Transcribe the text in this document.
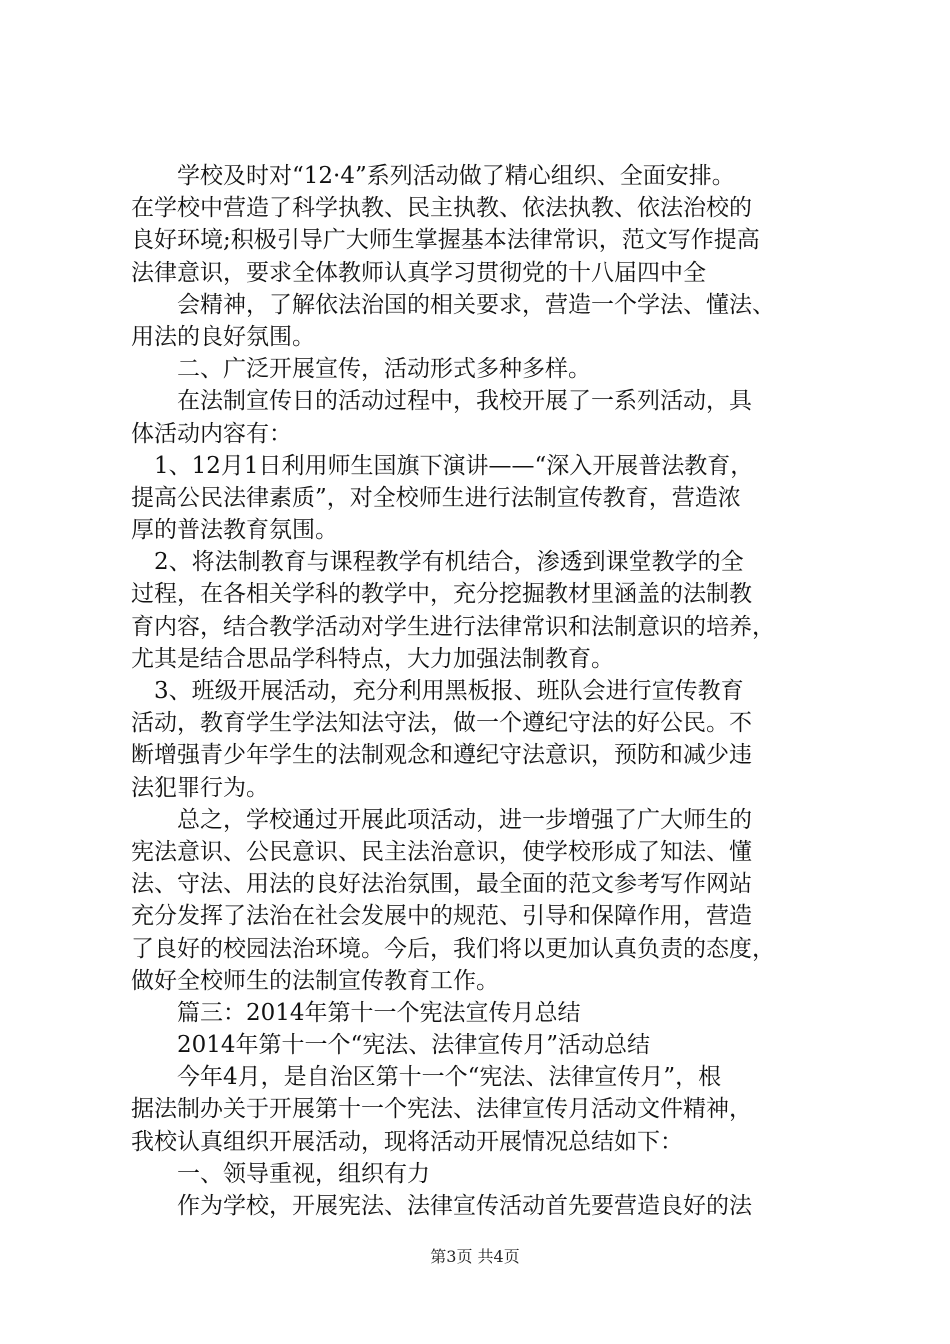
　　学校及时对“12·4”系列活动做了精心组织、全面安排。
在学校中营造了科学执教、民主执教、依法执教、依法治校的
良好环境;积极引导广大师生掌握基本法律常识，范文写作提高
法律意识，要求全体教师认真学习贯彻党的十八届四中全
　　会精神，了解依法治国的相关要求，营造一个学法、懂法、
用法的良好氛围。
　　二、广泛开展宣传，活动形式多种多样。
　　在法制宣传日的活动过程中，我校开展了一系列活动，具
体活动内容有：
　1、12月1日利用师生国旗下演讲——“深入开展普法教育，
提高公民法律素质”，对全校师生进行法制宣传教育，营造浓
厚的普法教育氛围。
　2、将法制教育与课程教学有机结合，渗透到课堂教学的全
过程，在各相关学科的教学中，充分挖掘教材里涵盖的法制教
育内容，结合教学活动对学生进行法律常识和法制意识的培养，
尤其是结合思品学科特点，大力加强法制教育。
　3、班级开展活动，充分利用黑板报、班队会进行宣传教育
活动，教育学生学法知法守法，做一个遵纪守法的好公民。不
断增强青少年学生的法制观念和遵纪守法意识，预防和减少违
法犯罪行为。
　　总之，学校通过开展此项活动，进一步增强了广大师生的
宪法意识、公民意识、民主法治意识，使学校形成了知法、懂
法、守法、用法的良好法治氛围，最全面的范文参考写作网站
充分发挥了法治在社会发展中的规范、引导和保障作用，营造
了良好的校园法治环境。今后，我们将以更加认真负责的态度，
做好全校师生的法制宣传教育工作。
　　篇三：2014年第十一个宪法宣传月总结
　　2014年第十一个“宪法、法律宣传月”活动总结
　　今年4月，是自治区第十一个“宪法、法律宣传月”，根
据法制办关于开展第十一个宪法、法律宣传月活动文件精神，
我校认真组织开展活动，现将活动开展情况总结如下：
　　一、领导重视，组织有力
　　作为学校，开展宪法、法律宣传活动首先要营造良好的法
第3页 共4页
